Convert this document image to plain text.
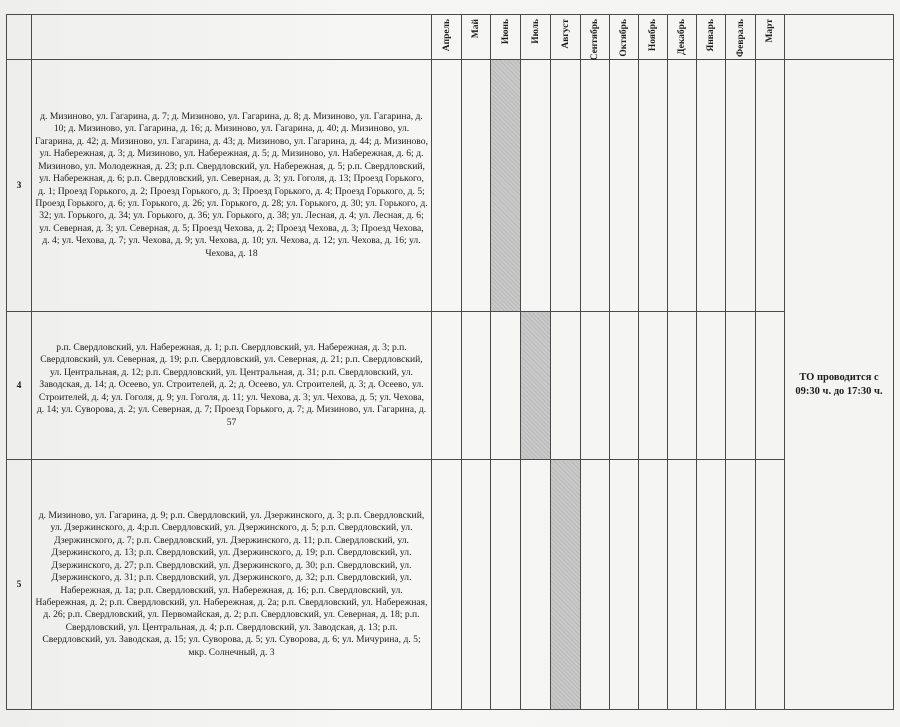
		Апрель	Май	Июнь	Июль	Август	Сентябрь	Октябрь	Ноябрь	Декабрь	Январь	Февраль	Март	

3	д. Мизиново, ул. Гагарина, д. 7; д. Мизиново, ул. Гагарина, д. 8; д. Мизиново, ул. Гагарина, д. 10; д. Мизиново, ул. Гагарина, д. 16; д. Мизиново, ул. Гагарина, д. 40; д. Мизиново, ул. Гагарина, д. 42; д. Мизиново, ул. Гагарина, д. 43; д. Мизиново, ул. Гагарина, д. 44; д. Мизиново, ул. Набережная, д. 3; д. Мизиново, ул. Набережная, д. 5; д. Мизиново, ул. Набережная, д. 6; д. Мизиново, ул. Молодежная, д. 23; р.п. Свердловский, ул. Набережная, д. 5; р.п. Свердловский, ул. Набережная, д. 6; р.п. Свердловский, ул. Северная, д. 3; ул. Гоголя, д. 13; Проезд Горького, д. 1; Проезд Горького, д. 2; Проезд Горького, д. 3; Проезд Горького, д. 4; Проезд Горького, д. 5; Проезд Горького, д. 6; ул. Горького, д. 26; ул. Горького, д. 28; ул. Горького, д. 30; ул. Горького, д. 32; ул. Горького, д. 34; ул. Горького, д. 36; ул. Горького, д. 38; ул. Лесная, д. 4; ул. Лесная, д. 6; ул. Северная, д. 3; ул. Северная, д. 5; Проезд Чехова, д. 2; Проезд Чехова, д. 3; Проезд Чехова, д. 4; ул. Чехова, д. 7; ул. Чехова, д. 9; ул. Чехова, д. 10; ул. Чехова, д. 12; ул. Чехова, д. 16; ул. Чехова, д. 18													ТО проводится с 09:30 ч. до 17:30 ч.
4	р.п. Свердловский, ул. Набережная, д. 1; р.п. Свердловский, ул. Набережная, д. 3; р.п. Свердловский, ул. Северная, д. 19; р.п. Свердловский, ул. Северная, д. 21; р.п. Свердловский, ул. Центральная, д. 12; р.п. Свердловский, ул. Центральная, д. 31; р.п. Свердловский, ул. Заводская, д. 14; д. Осеево, ул. Строителей, д. 2; д. Осеево, ул. Строителей, д. 3; д. Осеево, ул. Строителей, д. 4; ул. Гоголя, д. 9; ул. Гоголя, д. 11; ул. Чехова, д. 3; ул. Чехова, д. 5; ул. Чехова, д. 14; ул. Суворова, д. 2; ул. Северная, д. 7; Проезд Горького, д. 7; д. Мизиново, ул. Гагарина, д. 57													
5	д. Мизиново, ул. Гагарина, д. 9; р.п. Свердловский, ул. Дзержинского, д. 3; р.п. Свердловский, ул. Дзержинского, д. 4;р.п. Свердловский, ул. Дзержинского, д. 5; р.п. Свердловский, ул. Дзержинского, д. 7; р.п. Свердловский, ул. Дзержинского, д. 11; р.п. Свердловский, ул. Дзержинского, д. 13; р.п. Свердловский, ул. Дзержинского, д. 19; р.п. Свердловский, ул. Дзержинского, д. 27; р.п. Свердловский, ул. Дзержинского, д. 30; р.п. Свердловский, ул. Дзержинского, д. 31; р.п. Свердловский, ул. Дзержинского, д. 32; р.п. Свердловский, ул. Набережная, д. 1а; р.п. Свердловский, ул. Набережная, д. 16; р.п. Свердловский, ул. Набережная, д. 2; р.п. Свердловский, ул. Набережная, д. 2а; р.п. Свердловский, ул. Набережная, д. 26; р.п. Свердловский, ул. Первомайская, д. 2; р.п. Свердловский, ул. Северная, д. 18; р.п. Свердловский, ул. Центральная, д. 4; р.п. Свердловский, ул. Заводская, д. 13; р.п. Свердловский, ул. Заводская, д. 15; ул. Суворова, д. 5; ул. Суворова, д. 6; ул. Мичурина, д. 5; мкр. Солнечный, д. 3													
